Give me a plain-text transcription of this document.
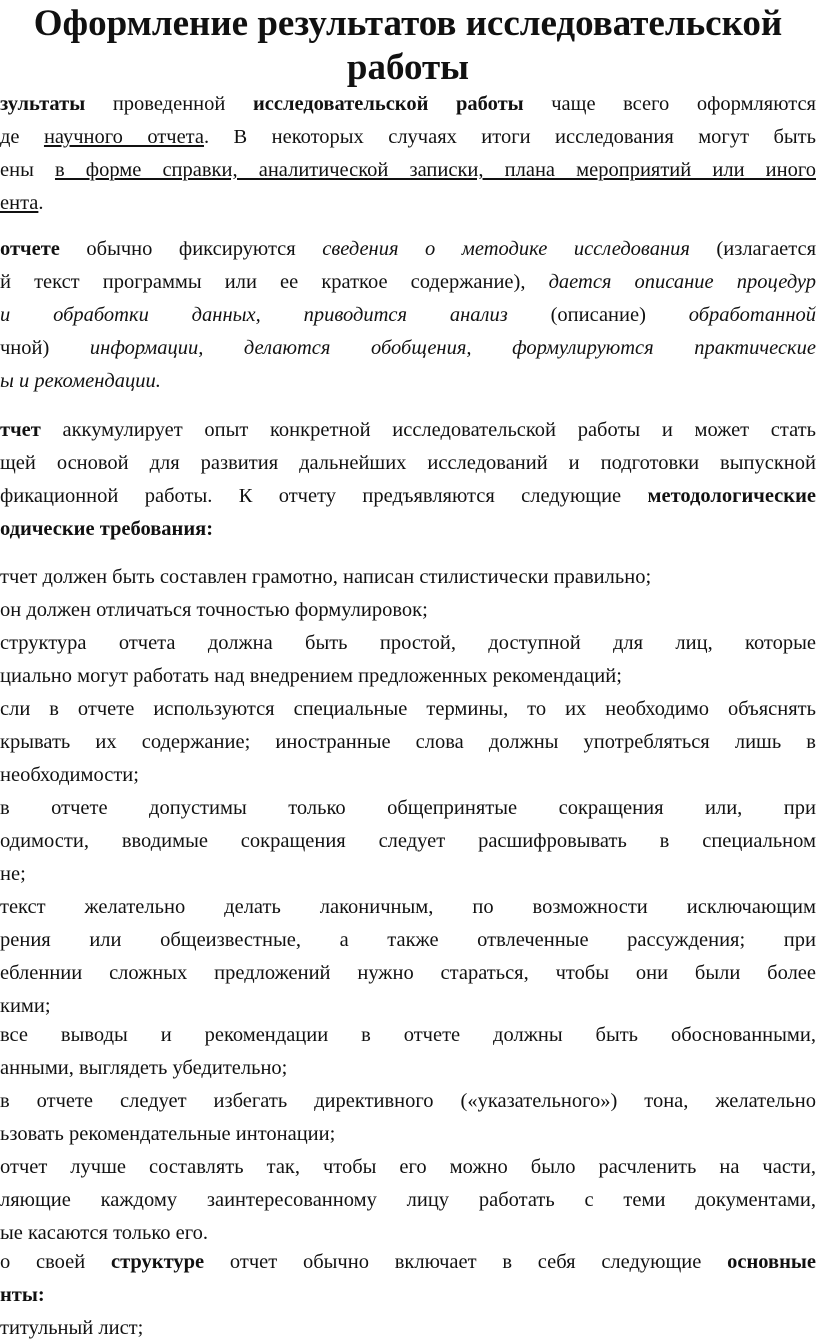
Оформление результатов исследовательской
работы
зультаты проведенной исследовательской работы чаще всего оформляются
де научного отчета. В некоторых случаях итоги исследования могут быть
ены в форме справки, аналитической записки, плана мероприятий или иного
ента.
отчете обычно фиксируются сведения о методике исследования (излагается
й текст программы или ее краткое содержание), дается описание процедур
и обработки данных, приводится анализ (описание) обработанной
чной) информации, делаются обобщения, формулируются практические
ы и рекомендации.
тчет аккумулирует опыт конкретной исследовательской работы и может стать
щей основой для развития дальнейших исследований и подготовки выпускной
фикационной работы. К отчету предъявляются следующие методологические
одические требования:
тчет должен быть составлен грамотно, написан стилистически правильно;
он должен отличаться точностью формулировок;
структура отчета должна быть простой, доступной для лиц, которые
циально могут работать над внедрением предложенных рекомендаций;
сли в отчете используются специальные термины, то их необходимо объяснять
крывать их содержание; иностранные слова должны употребляться лишь в
необходимости;
в отчете допустимы только общепринятые сокращения или, при
одимости, вводимые сокращения следует расшифровывать в специальном
не;
текст желательно делать лаконичным, по возможности исключающим
рения или общеизвестные, а также отвлеченные рассуждения; при
ебленнии сложных предложений нужно стараться, чтобы они были более
кими;
все выводы и рекомендации в отчете должны быть обоснованными,
анными, выглядеть убедительно;
в отчете следует избегать директивного («указательного») тона, желательно
ьзовать рекомендательные интонации;
отчет лучше составлять так, чтобы его можно было расчленить на части,
ляющие каждому заинтересованному лицу работать с теми документами,
ые касаются только его.
о своей структуре отчет обычно включает в себя следующие основные
нты:
титульный лист;
